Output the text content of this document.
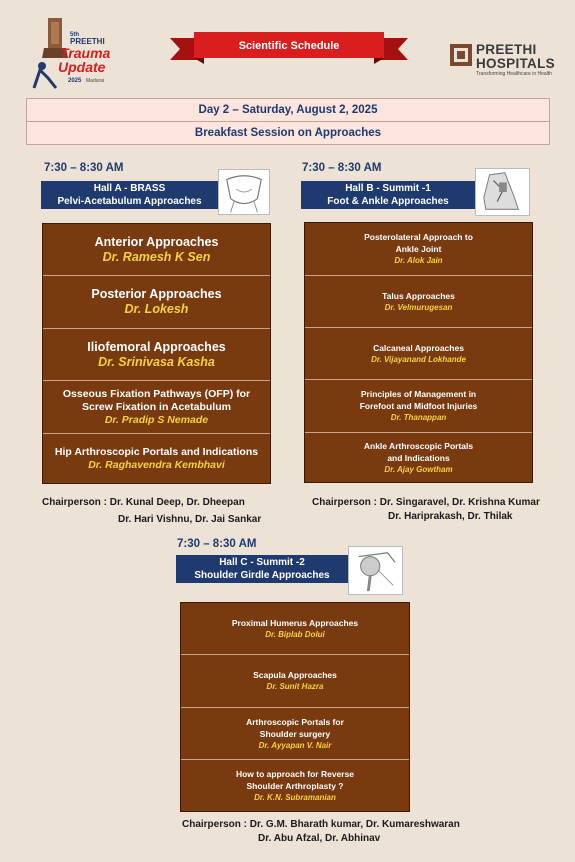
5th
PREETHI
Trauma
Update
2025 Madurai
Scientific Schedule	PREETHI
HOSPITALS
Transforming Healthcare in Health
Day 2 – Saturday, August 2, 2025
Breakfast Session on Approaches
7:30 – 8:30 AM
Hall A - BRASS
Pelvi-Acetabulum Approaches
Anterior Approaches
Dr. Ramesh K Sen
Posterior Approaches
Dr. Lokesh
Iliofemoral Approaches
Dr. Srinivasa Kasha
Osseous Fixation Pathways (OFP) for Screw Fixation in Acetabulum
Dr. Pradip S Nemade
Hip Arthroscopic Portals and Indications
Dr. Raghavendra Kembhavi
Chairperson : Dr. Kunal Deep, Dr. Dheepan
Dr. Hari Vishnu, Dr. Jai Sankar
7:30 – 8:30 AM
Hall B - Summit -1
Foot & Ankle Approaches
Posterolateral Approach to Ankle Joint
Dr. Alok Jain
Talus Approaches
Dr. Velmurugesan
Calcaneal Approaches
Dr. Vijayanand Lokhande
Principles of Management in Forefoot and Midfoot Injuries
Dr. Thanappan
Ankle Arthroscopic Portals and Indications
Dr. Ajay Gowtham
Chairperson : Dr. Singaravel, Dr. Krishna Kumar
Dr. Hariprakash, Dr. Thilak
7:30 – 8:30 AM
Hall C - Summit -2
Shoulder Girdle Approaches
Proximal Humerus Approaches
Dr. Biplab Dolui
Scapula Approaches
Dr. Sunit Hazra
Arthroscopic Portals for Shoulder surgery
Dr. Ayyapan V. Nair
How to approach for Reverse Shoulder Arthroplasty ?
Dr. K.N. Subramanian
Chairperson : Dr. G.M. Bharath kumar, Dr. Kumareshwaran
Dr. Abu Afzal, Dr. Abhinav
